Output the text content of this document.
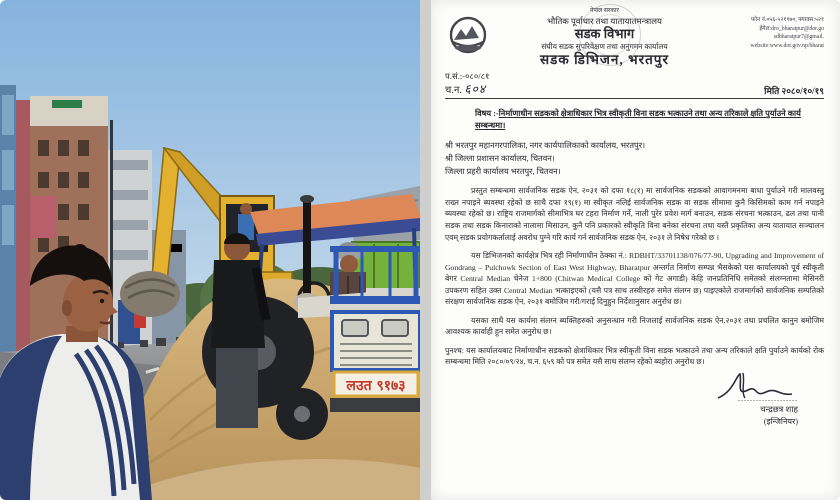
लउत ९१७३
नेपाल सरकार
भौतिक पूर्वाधार तथा यातायातमन्त्रालय
सडक विभाग
संघीय सडक सुपरिवेक्षण तथा अनुगमन कार्यालय
सडक डिभिजन, भरतपुर
फोन नं.०५६-५२१९७०, फ्याक्स:५२१
ईमेल:dro_bharatpur@dor.go
sdbharatpur7@gmail.
website:www.dor.gov.np/bharat
प.सं.:-०८०/८१
च.न. ६०४	मिति २०८०/१०/१९
विषय :-निर्माणाधीन सडकको क्षेत्राधिकार भित्र स्वीकृती विना सडक भत्काउने तथा अन्य तरिकाले क्षति पुर्याउने कार्य सम्बन्धमा।
श्री भरतपुर महानगरपालिका, नगर कार्यपालिकाको कार्यालय, भरतपुर।
श्री जिल्ला प्रशासन कार्यालय, चितवन।
जिल्ला प्रहरी कार्यालय भरतपुर, चितवन।

प्रस्तुत सम्बन्धमा सार्वजनिक सडक ऐन, २०३१ को दफा १८(१) मा सार्वजनिक सडकको आवागमनमा बाधा पुर्याउने गरी मालवस्तु राख्न नपाइने ब्यवस्था रहेको छ साथै दफा १९(१) मा स्वीकृत नलिई सार्वजनिक सडक वा सडक सीमामा कुनै किसिमको काम गर्न नपाइने ब्यवस्था रहेको छ। राष्ट्रिय राजमार्गको सीमाभित्र घर टहरा निर्माण गर्ने, नाली पुरेर प्रवेश मार्ग बनाउन, सडक संरचना भत्काउन, ढल तथा पानी सडक तथा सडक किनाराको नालामा मिसाउन, कुनै पनि प्रकारको स्वीकृति विना बनेका संरचना तथा यस्तै प्रकृतिका अन्य यातायात सञ्चालन एवम् सडक प्रयोगकर्तालाई अवरोध पुग्ने गरि कार्य गर्न सार्वजनिक सडक ऐन, २०३१ ले निषेध गरेको छ ।

यस डिभिजनको कार्यक्षेत्र भित्र रही निर्माणाधीन ठेक्का नं.: RDBHT/33701138/076/77-90, Upgrading and Improvement of Gondrang – Pulchowk Section of East West Highway, Bharatpur अन्तर्गत निर्माण सम्पन्न भैसकेको यस कार्यालयको पूर्व स्वीकृती बेगर Central Median चेनेज 1+800 (Chitwan Medical College को गेट अगाडी) केहि जनप्रतिनिधि समेतको संलग्नतामा मेसिनरी उपकरण सहित उक्त Central Median भत्काइएको (यसै पत्र साथ तस्वीरहरु समेत संलग्न छ) पाइएकोले राजमार्गको सार्वजनिक सम्पतिको संरक्षण सार्वजनिक सडक ऐन, २०३१ बमोजिम गरी/गराई दिनुहुन निर्देशानुसार अनुरोध छ।

यसका साथै यस कार्यमा संलग्न ब्यक्तिहरुको अनुसन्धान गरी निजलाई सार्वजनिक सडक ऐन,२०३१ तथा प्रचलित कानुन बमोजिम आवश्यक कार्वाही हुन समेत अनुरोध छ।

पुनश्च: यस कार्यालयबाट निर्माणाधीन सडकको क्षेत्राधिकार भित्र स्वीकृती विना सडक भत्काउने तथा अन्य तरिकाले क्षति पुर्याउने कार्यको रोक सम्बन्धमा मिति २०८०/०९/२४, च.न. ६५९ को पत्र समेत यसै साथ संलग्न रहेको ब्यहोरा अनुरोध छ।

....................
चन्द्रछत्र शाह
(इन्जिनियर)
